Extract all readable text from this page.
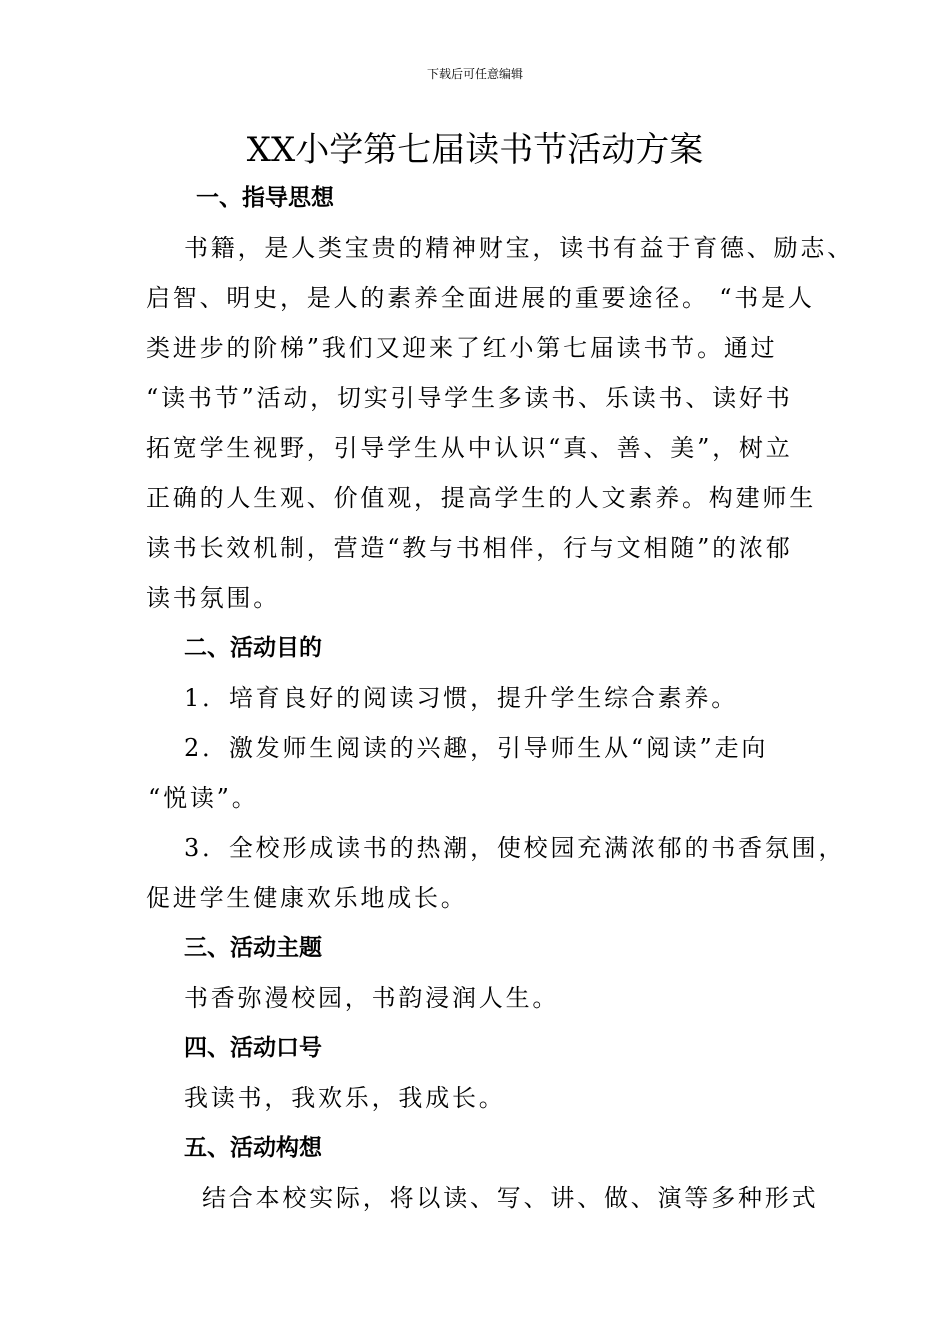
下载后可任意编辑
XX小学第七届读书节活动方案
一、指导思想
书籍，是人类宝贵的精神财宝，读书有益于育德、励志、
启智、明史，是人的素养全面进展的重要途径。 “书是人
类进步的阶梯”我们又迎来了红小第七届读书节。通过
“读书节”活动，切实引导学生多读书、乐读书、读好书
拓宽学生视野，引导学生从中认识“真、善、美”，树立
正确的人生观、价值观，提高学生的人文素养。构建师生
读书长效机制，营造“教与书相伴，行与文相随”的浓郁
读书氛围。
二、活动目的
1．培育良好的阅读习惯，提升学生综合素养。
2．激发师生阅读的兴趣，引导师生从“阅读”走向
“悦读”。
3．全校形成读书的热潮，使校园充满浓郁的书香氛围，
促进学生健康欢乐地成长。
三、活动主题
书香弥漫校园，书韵浸润人生。
四、活动口号
我读书，我欢乐，我成长。
五、活动构想
结合本校实际，将以读、写、讲、做、演等多种形式
